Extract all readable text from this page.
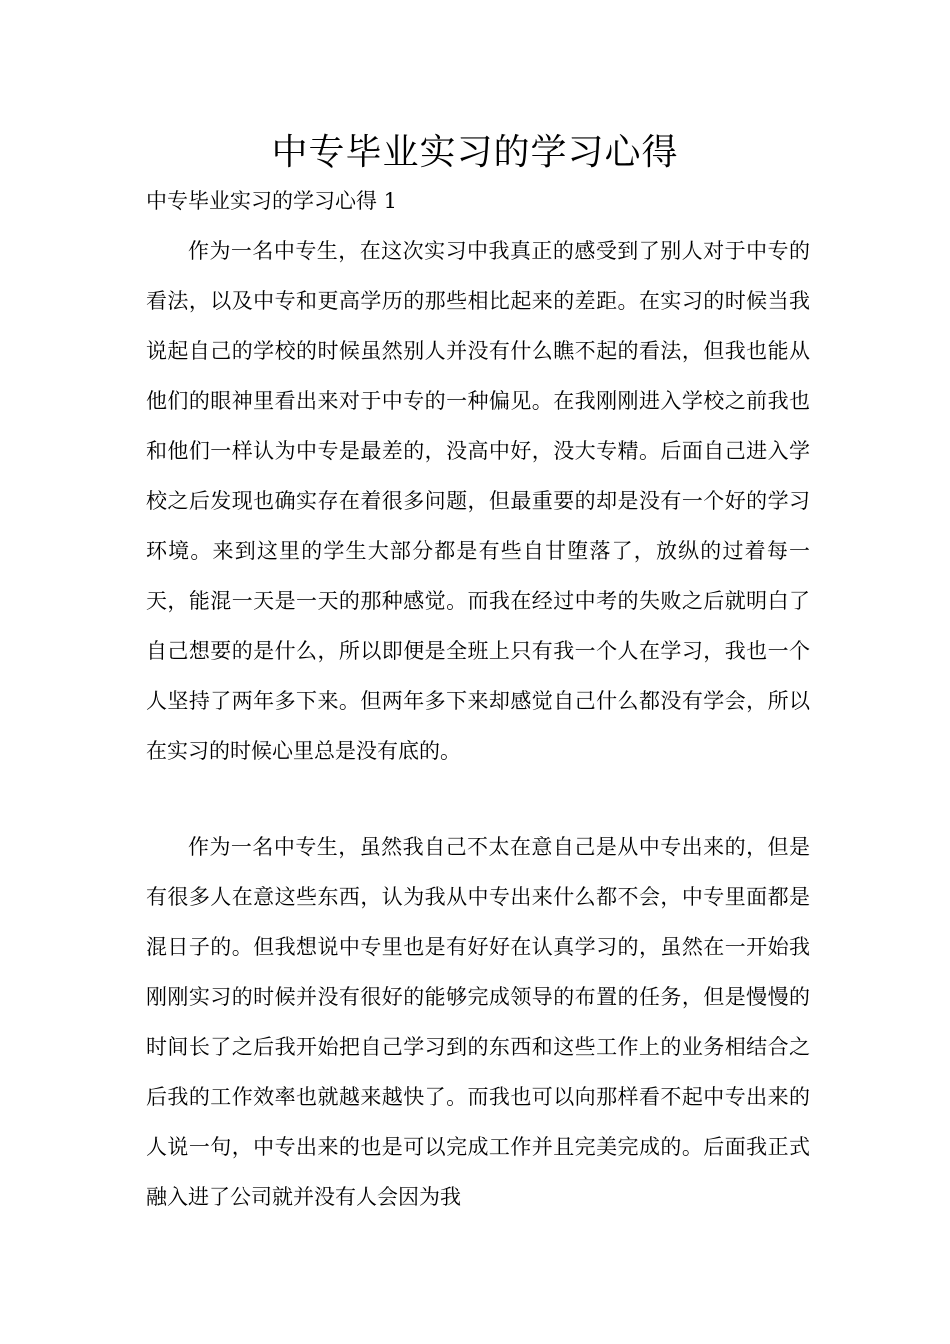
中专毕业实习的学习心得

中专毕业实习的学习心得 1

作为一名中专生，在这次实习中我真正的感受到了别人对于中专的看法，以及中专和更高学历的那些相比起来的差距。在实习的时候当我说起自己的学校的时候虽然别人并没有什么瞧不起的看法，但我也能从他们的眼神里看出来对于中专的一种偏见。在我刚刚进入学校之前我也和他们一样认为中专是最差的，没高中好，没大专精。后面自己进入学校之后发现也确实存在着很多问题，但最重要的却是没有一个好的学习环境。来到这里的学生大部分都是有些自甘堕落了，放纵的过着每一天，能混一天是一天的那种感觉。而我在经过中考的失败之后就明白了自己想要的是什么，所以即便是全班上只有我一个人在学习，我也一个人坚持了两年多下来。但两年多下来却感觉自己什么都没有学会，所以在实习的时候心里总是没有底的。

作为一名中专生，虽然我自己不太在意自己是从中专出来的，但是有很多人在意这些东西，认为我从中专出来什么都不会，中专里面都是混日子的。但我想说中专里也是有好好在认真学习的，虽然在一开始我刚刚实习的时候并没有很好的能够完成领导的布置的任务，但是慢慢的时间长了之后我开始把自己学习到的东西和这些工作上的业务相结合之后我的工作效率也就越来越快了。而我也可以向那样看不起中专出来的人说一句，中专出来的也是可以完成工作并且完美完成的。后面我正式融入进了公司就并没有人会因为我
